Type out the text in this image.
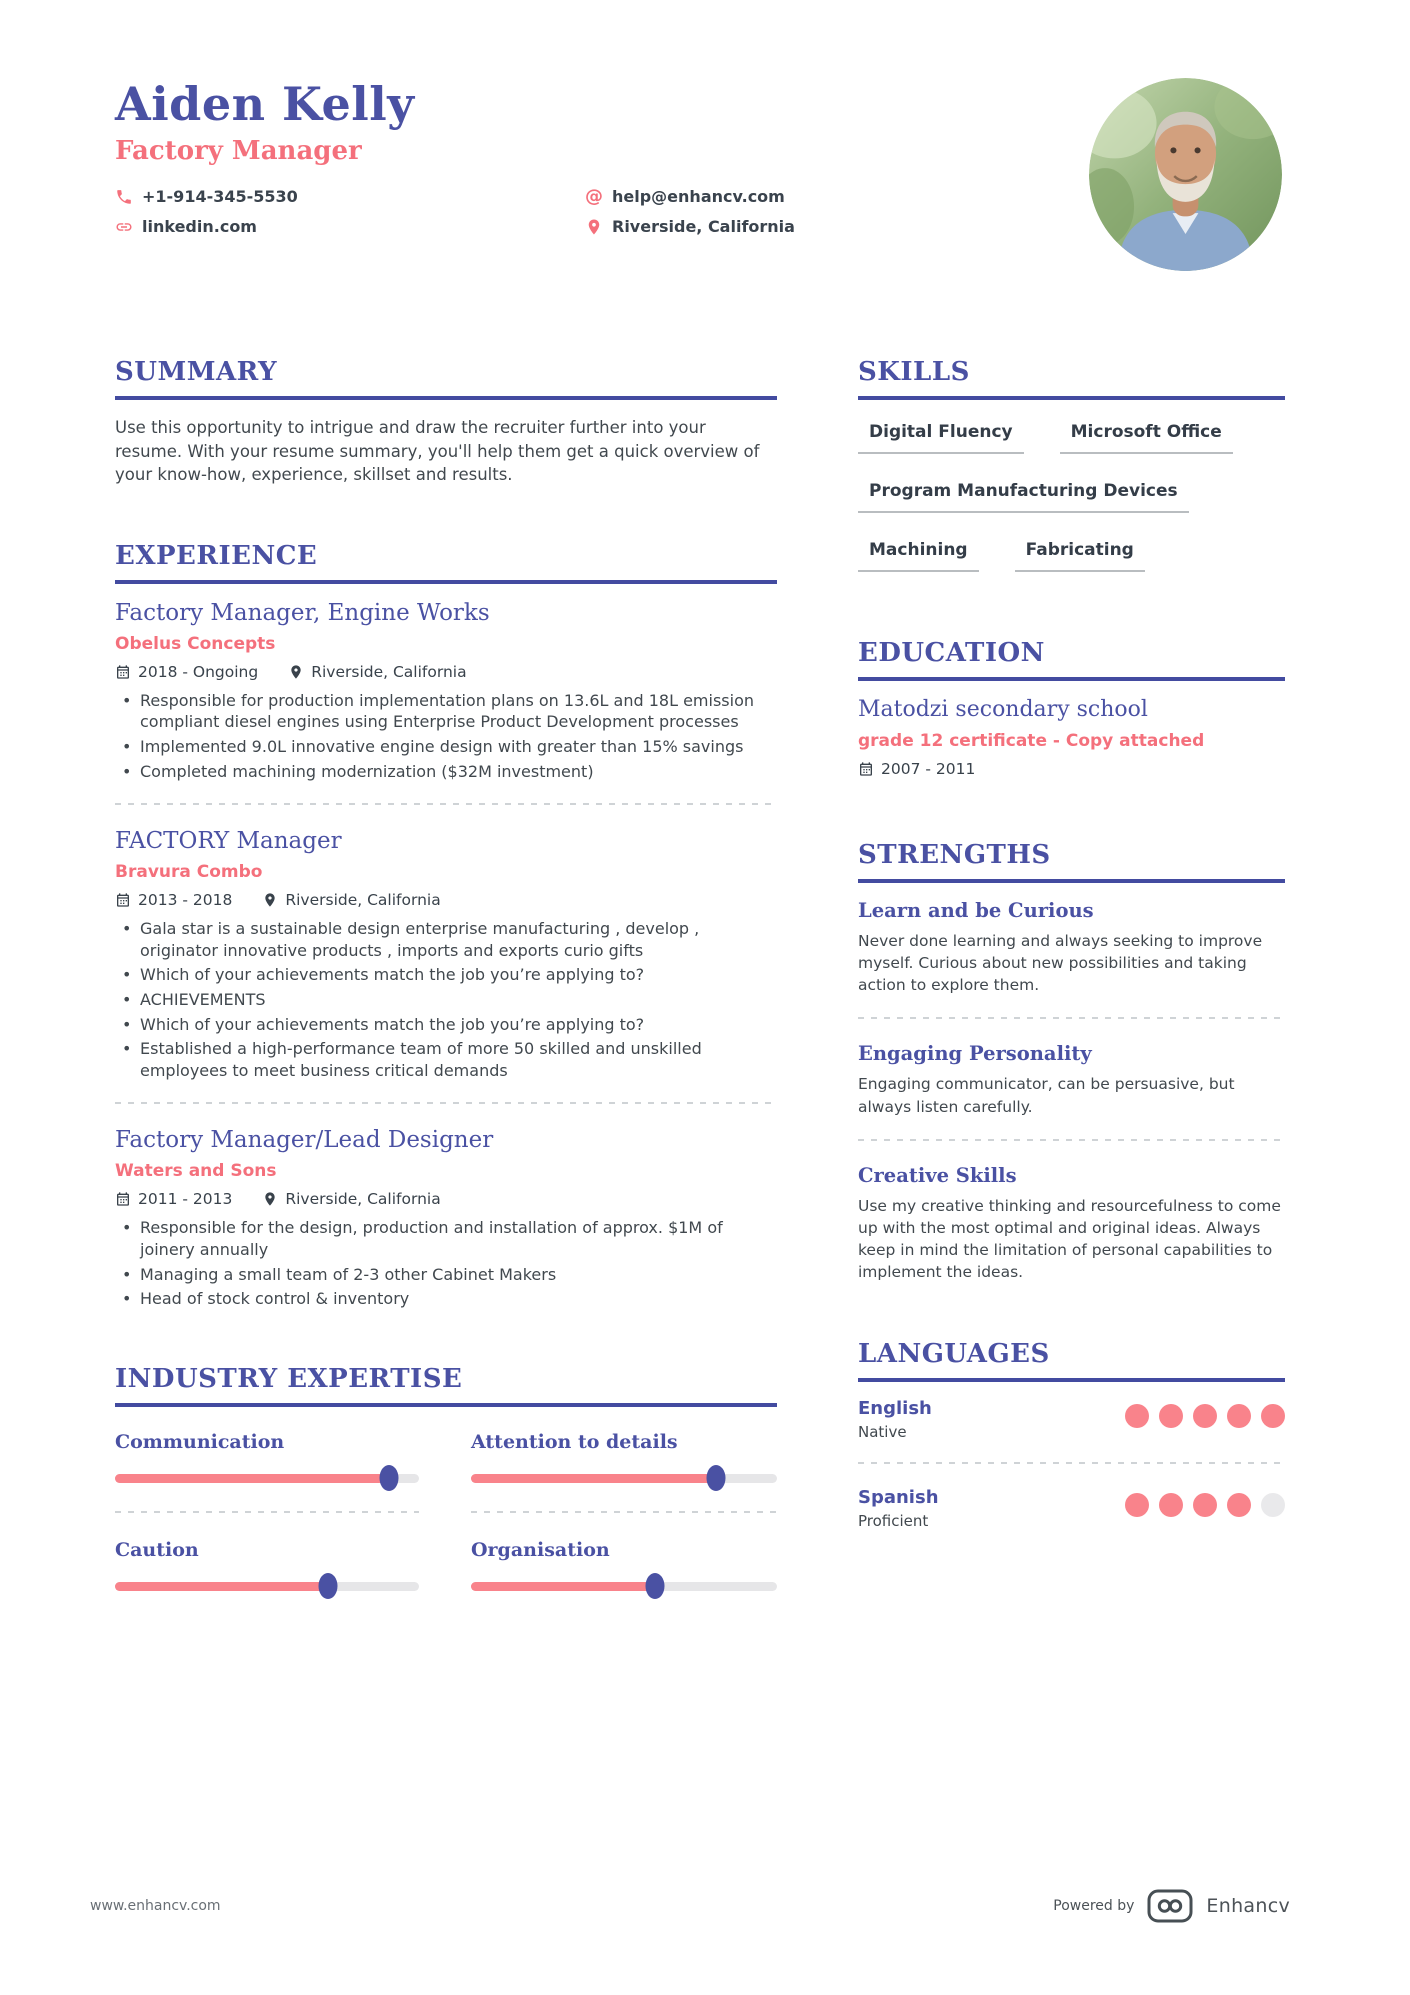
Aiden Kelly
Factory Manager
+1-914-345-5530	@ help@enhancv.com
linkedin.com	Riverside, California
SUMMARY

Use this opportunity to intrigue and draw the recruiter further into your resume. With your resume summary, you'll help them get a quick overview of your know-how, experience, skillset and results.

EXPERIENCE
Factory Manager, Engine Works
Obelus Concepts
2018 - Ongoing	Riverside, California
• Responsible for production implementation plans on 13.6L and 18L emission compliant diesel engines using Enterprise Product Development processes
• Implemented 9.0L innovative engine design with greater than 15% savings
• Completed machining modernization ($32M investment)
FACTORY Manager
Bravura Combo
2013 - 2018	Riverside, California
• Gala star is a sustainable design enterprise manufacturing , develop , originator innovative products , imports and exports curio gifts
• Which of your achievements match the job you’re applying to?
• ACHIEVEMENTS
• Which of your achievements match the job you’re applying to?
• Established a high-performance team of more 50 skilled and unskilled employees to meet business critical demands
Factory Manager/Lead Designer
Waters and Sons
2011 - 2013	Riverside, California
• Responsible for the design, production and installation of approx. $1M of joinery annually
• Managing a small team of 2-3 other Cabinet Makers
• Head of stock control & inventory
INDUSTRY EXPERTISE
Communication	Attention to details
Caution	Organisation
SKILLS
Digital Fluency	Microsoft Office
Program Manufacturing Devices
Machining	Fabricating
EDUCATION
Matodzi secondary school
grade 12 certificate - Copy attached
2007 - 2011
STRENGTHS
Learn and be Curious

Never done learning and always seeking to improve myself. Curious about new possibilities and taking action to explore them.

Engaging Personality

Engaging communicator, can be persuasive, but always listen carefully.

Creative Skills

Use my creative thinking and resourcefulness to come up with the most optimal and original ideas. Always keep in mind the limitation of personal capabilities to implement the ideas.

LANGUAGES
English
Native
Spanish
Proficient
www.enhancv.com	Powered by	Enhancv
